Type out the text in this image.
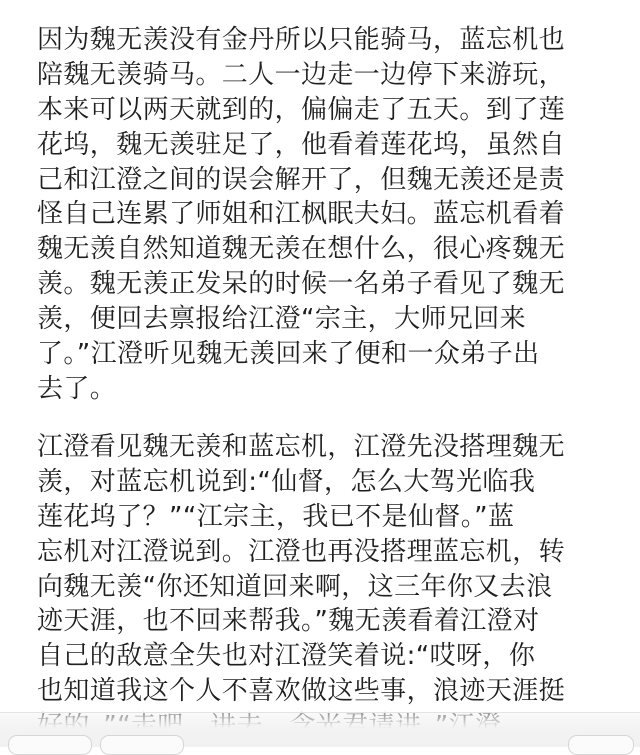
因为魏无羡没有金丹所以只能骑马，蓝忘机也
陪魏无羡骑马。二人一边走一边停下来游玩，
本来可以两天就到的，偏偏走了五天。到了莲
花坞，魏无羡驻足了，他看着莲花坞，虽然自
己和江澄之间的误会解开了，但魏无羡还是责
怪自己连累了师姐和江枫眠夫妇。蓝忘机看着
魏无羡自然知道魏无羡在想什么，很心疼魏无
羡。魏无羡正发呆的时候一名弟子看见了魏无
羡，便回去禀报给江澄“宗主，大师兄回来
了。”江澄听见魏无羡回来了便和一众弟子出
去了。
江澄看见魏无羡和蓝忘机，江澄先没搭理魏无
羡，对蓝忘机说到:“仙督，怎么大驾光临我
莲花坞了？”“江宗主，我已不是仙督。”蓝
忘机对江澄说到。江澄也再没搭理蓝忘机，转
向魏无羡“你还知道回来啊，这三年你又去浪
迹天涯，也不回来帮我。”魏无羡看着江澄对
自己的敌意全失也对江澄笑着说:“哎呀，你
也知道我这个人不喜欢做这些事，浪迹天涯挺
